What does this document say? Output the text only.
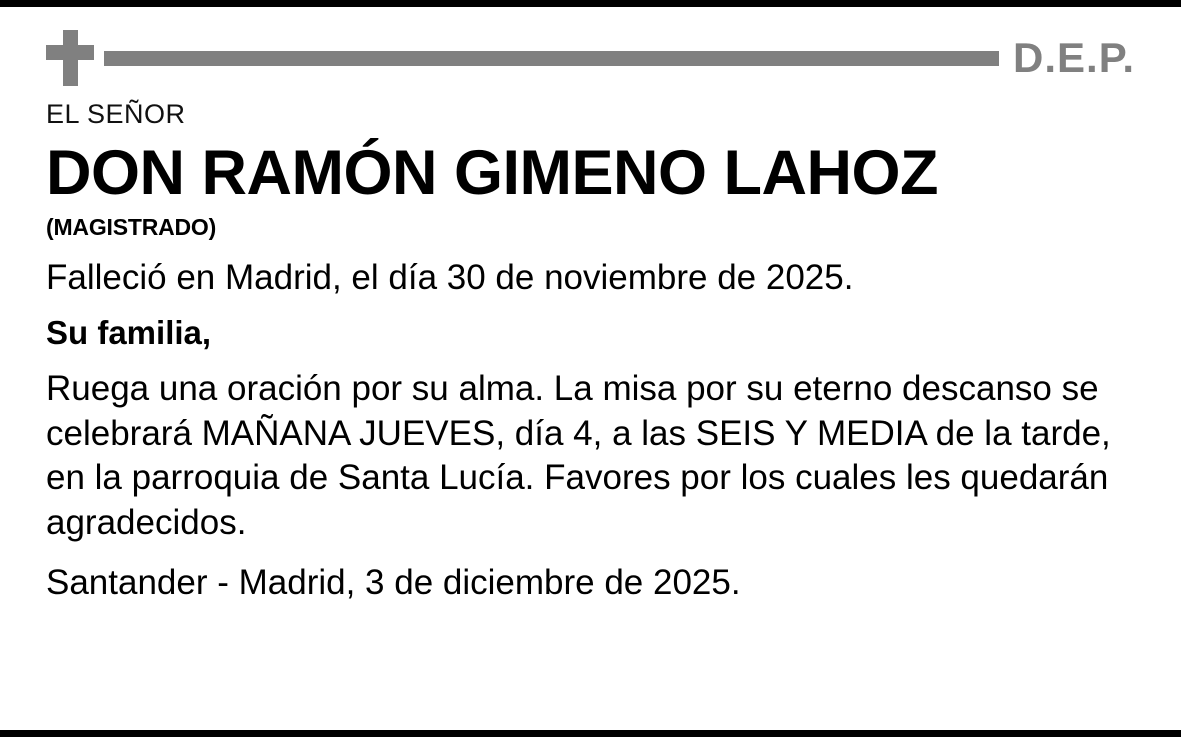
D.E.P.
EL SEÑOR
DON RAMÓN GIMENO LAHOZ
(MAGISTRADO)
Falleció en Madrid, el día 30 de noviembre de 2025.
Su familia,
Ruega una oración por su alma. La misa por su eterno descanso se celebrará MAÑANA JUEVES, día 4, a las SEIS Y MEDIA de la tarde, en la parroquia de Santa Lucía. Favores por los cuales les quedarán agradecidos.
Santander - Madrid, 3 de diciembre de 2025.
